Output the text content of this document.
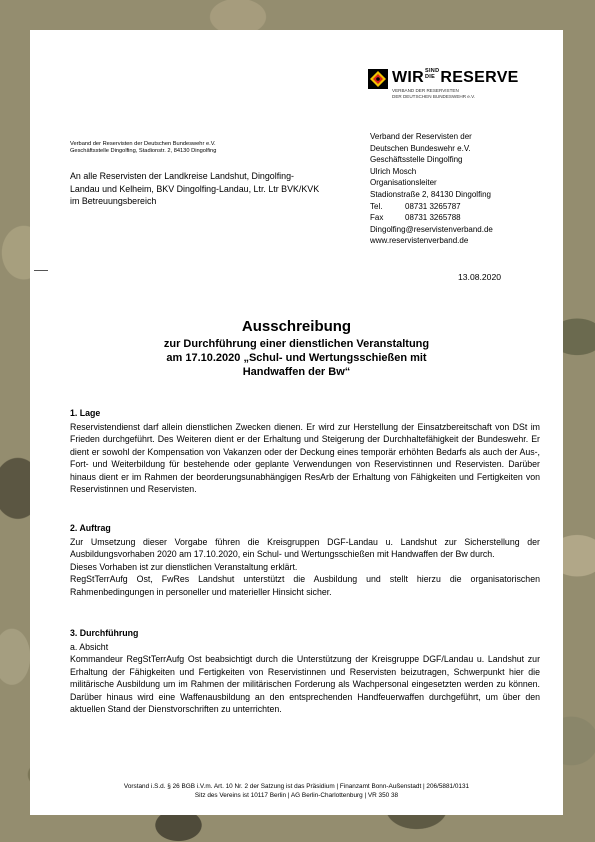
WIRSIND
DIE RESERVE
VERBAND DER RESERVISTEN
DER DEUTSCHEN BUNDESWEHR e.V.
Verband der Reservisten der Deutschen Bundeswehr e.V.
Geschäftsstelle Dingolfing, Stadionstr. 2, 84130 Dingolfing
An alle Reservisten der Landkreise Landshut, Dingolfing-Landau und Kelheim, BKV Dingolfing-Landau, Ltr. Ltr BVK/KVK im Betreuungsbereich
Verband der Reservisten der
Deutschen Bundeswehr e.V.
Geschäftsstelle Dingolfing
Ulrich Mosch
Organisationsleiter
Stadionstraße 2, 84130 Dingolfing
Tel.	08731 3265787
Fax	08731 3265788
Dingolfing@reservistenverband.de
www.reservistenverband.de
13.08.2020
Ausschreibung
zur Durchführung einer dienstlichen Veranstaltung
am 17.10.2020 „Schul- und Wertungsschießen mit
Handwaffen der Bw“

1. Lage

Reservistendienst darf allein dienstlichen Zwecken dienen. Er wird zur Herstellung der Einsatzbereitschaft von DSt im Frieden durchgeführt. Des Weiteren dient er der Erhaltung und Steigerung der Durchhaltefähigkeit der Bundeswehr. Er dient er sowohl der Kompensation von Vakanzen oder der Deckung eines temporär erhöhten Bedarfs als auch der Aus-, Fort- und Weiterbildung für bestehende oder geplante Verwendungen von Reservistinnen und Reservisten. Darüber hinaus dient er im Rahmen der beorderungsunabhängigen ResArb der Erhaltung von Fähigkeiten und Fertigkeiten von Reservistinnen und Reservisten.

2. Auftrag

Zur Umsetzung dieser Vorgabe führen die Kreisgruppen DGF-Landau u. Landshut zur Sicherstellung der Ausbildungsvorhaben 2020 am 17.10.2020, ein Schul- und Wertungsschießen mit Handwaffen der Bw durch.

Dieses Vorhaben ist zur dienstlichen Veranstaltung erklärt.

RegStTerrAufg Ost, FwRes Landshut unterstützt die Ausbildung und stellt hierzu die organisatorischen Rahmenbedingungen in personeller und materieller Hinsicht sicher.

3. Durchführung

a. Absicht

Kommandeur RegStTerrAufg Ost beabsichtigt durch die Unterstützung der Kreisgruppe DGF/Landau u. Landshut zur Erhaltung der Fähigkeiten und Fertigkeiten von Reservistinnen und Reservisten beizutragen, Schwerpunkt hier die militärische Ausbildung um im Rahmen der militärischen Forderung als Wachpersonal eingesetzten werden zu können. Darüber hinaus wird eine Waffenausbildung an den entsprechenden Handfeuerwaffen durchgeführt, um über den aktuellen Stand der Dienstvorschriften zu unterrichten.

Vorstand i.S.d. § 26 BGB i.V.m. Art. 10 Nr. 2 der Satzung ist das Präsidium | Finanzamt Bonn-Außenstadt | 206/5881/0131
Sitz des Vereins ist 10117 Berlin | AG Berlin-Charlottenburg | VR 350 38
